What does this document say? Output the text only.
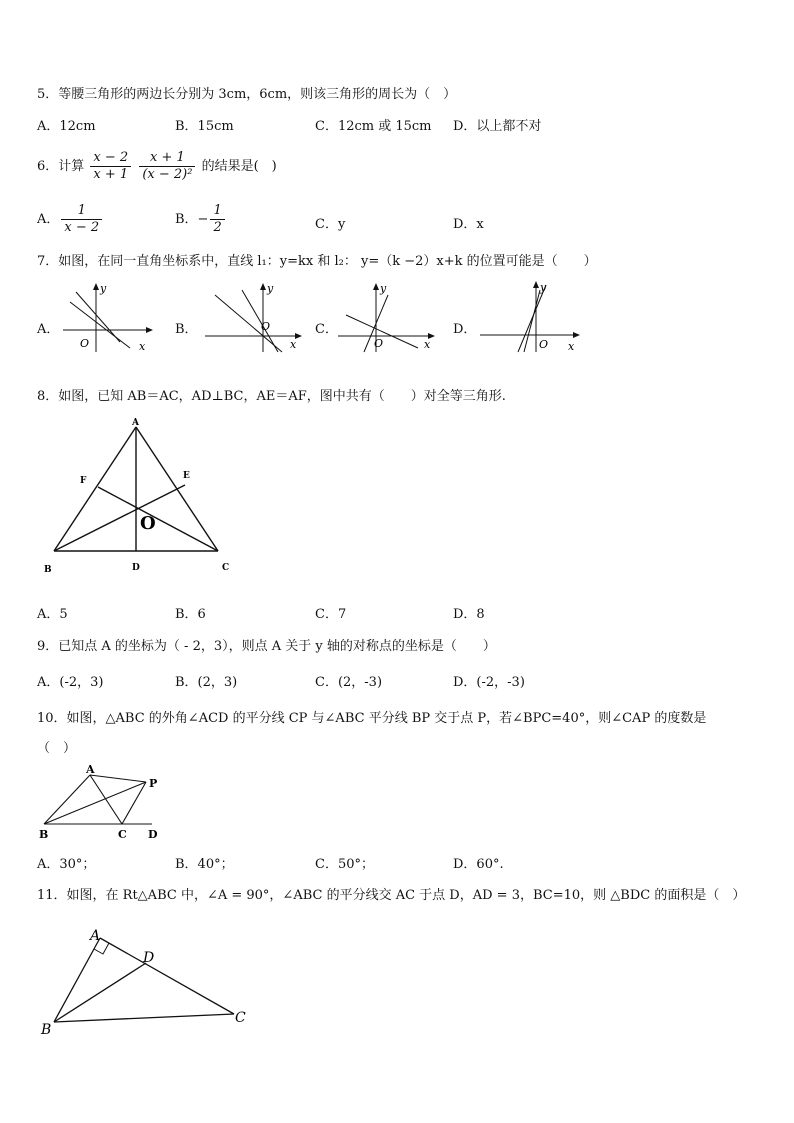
5．等腰三角形的两边长分别为 3cm，6cm，则该三角形的周长为（　）
A．12cm	B．15cm	C．12cm 或 15cm D．以上都不对
6．计算 $\frac{x - 2}{x + 1}$
$\frac{x + 1}{\text{(x − 2)²}}$ 的结果是(　)
A． $\frac{1}{x - 2}$	B．− $\frac{1}{2}$	C．y	D．x
7．如图，在同一直角坐标系中，直线 l₁：y=kx 和 l₂： y=（k −2）x+k 的位置可能是（　　）
A．
y
x
O
B．
y
x
O	C．
y
x
O
D．
y
x
O
8．如图，已知 AB＝AC，AD⊥BC，AE＝AF，图中共有（　　）对全等三角形.
A
B	C
D
E
F
O
A．5	B．6	C．7	D．8
9．已知点 A 的坐标为（ - 2，3），则点 A 关于 y 轴的对称点的坐标是（　　）
A．(-2，3)	B．(2，3)	C．(2，-3)	D．(-2，-3)
10．如图，△ABC 的外角∠ACD 的平分线 CP 与∠ABC 平分线 BP 交于点 P，若∠BPC=40°，则∠CAP 的度数是
（　）
A
B	C D
P
A．30°；	B．40°；	C．50°；	D．60°.
11．如图，在 Rt△ABC 中，∠A = 90°，∠ABC 的平分线交 AC 于点 D，AD = 3，BC=10，则 △BDC 的面积是（　）
A
B
C
D
